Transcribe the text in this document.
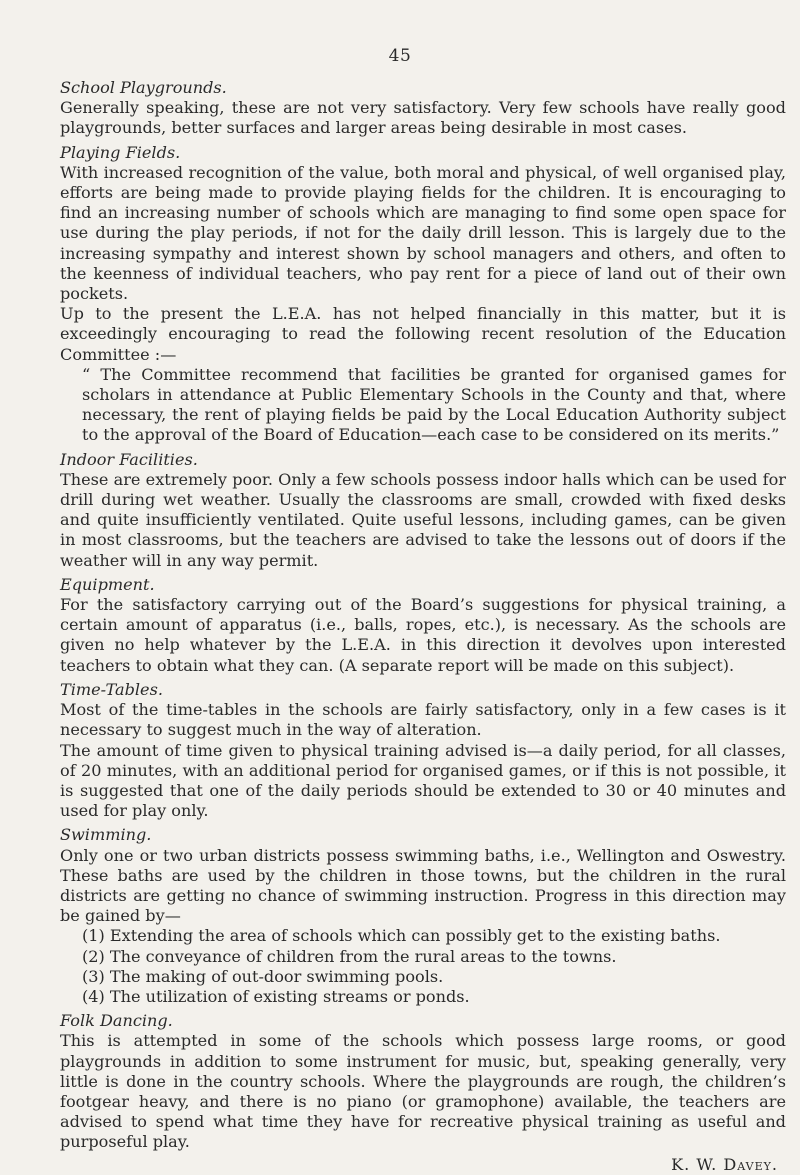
45
School Playgrounds.

Generally speaking, these are not very satisfactory. Very few schools have really good playgrounds, better surfaces and larger areas being desirable in most cases.

Playing Fields.

With increased recognition of the value, both moral and physical, of well organised play, efforts are being made to provide playing fields for the children. It is encouraging to find an increasing number of schools which are managing to find some open space for use during the play periods, if not for the daily drill lesson. This is largely due to the increasing sympathy and interest shown by school managers and others, and often to the keenness of individual teachers, who pay rent for a piece of land out of their own pockets.

Up to the present the L.E.A. has not helped financially in this matter, but it is exceedingly encouraging to read the following recent resolution of the Education Committee :—

“ The Committee recommend that facilities be granted for organised games for scholars in attendance at Public Elementary Schools in the County and that, where necessary, the rent of playing fields be paid by the Local Education Authority subject to the approval of the Board of Education—each case to be considered on its merits.”

Indoor Facilities.

These are extremely poor. Only a few schools possess indoor halls which can be used for drill during wet weather. Usually the classrooms are small, crowded with fixed desks and quite insufficiently ventilated. Quite useful lessons, including games, can be given in most classrooms, but the teachers are advised to take the lessons out of doors if the weather will in any way permit.

Equipment.

For the satisfactory carrying out of the Board’s suggestions for physical training, a certain amount of apparatus (i.e., balls, ropes, etc.), is necessary. As the schools are given no help whatever by the L.E.A. in this direction it devolves upon interested teachers to obtain what they can. (A separate report will be made on this subject).

Time-Tables.

Most of the time-tables in the schools are fairly satisfactory, only in a few cases is it necessary to suggest much in the way of alteration.

The amount of time given to physical training advised is—a daily period, for all classes, of 20 minutes, with an additional period for organised games, or if this is not possible, it is suggested that one of the daily periods should be extended to 30 or 40 minutes and used for play only.

Swimming.

Only one or two urban districts possess swimming baths, i.e., Wellington and Oswestry. These baths are used by the children in those towns, but the children in the rural districts are getting no chance of swimming instruction. Progress in this direction may be gained by—

(1) Extending the area of schools which can possibly get to the existing baths.
(2) The conveyance of children from the rural areas to the towns.
(3) The making of out-door swimming pools.
(4) The utilization of existing streams or ponds.
Folk Dancing.

This is attempted in some of the schools which possess large rooms, or good playgrounds in addition to some instrument for music, but, speaking generally, very little is done in the country schools. Where the playgrounds are rough, the children’s footgear heavy, and there is no piano (or gramophone) available, the teachers are advised to spend what time they have for recreative physical training as useful and purposeful play.

K. W. Davey.
